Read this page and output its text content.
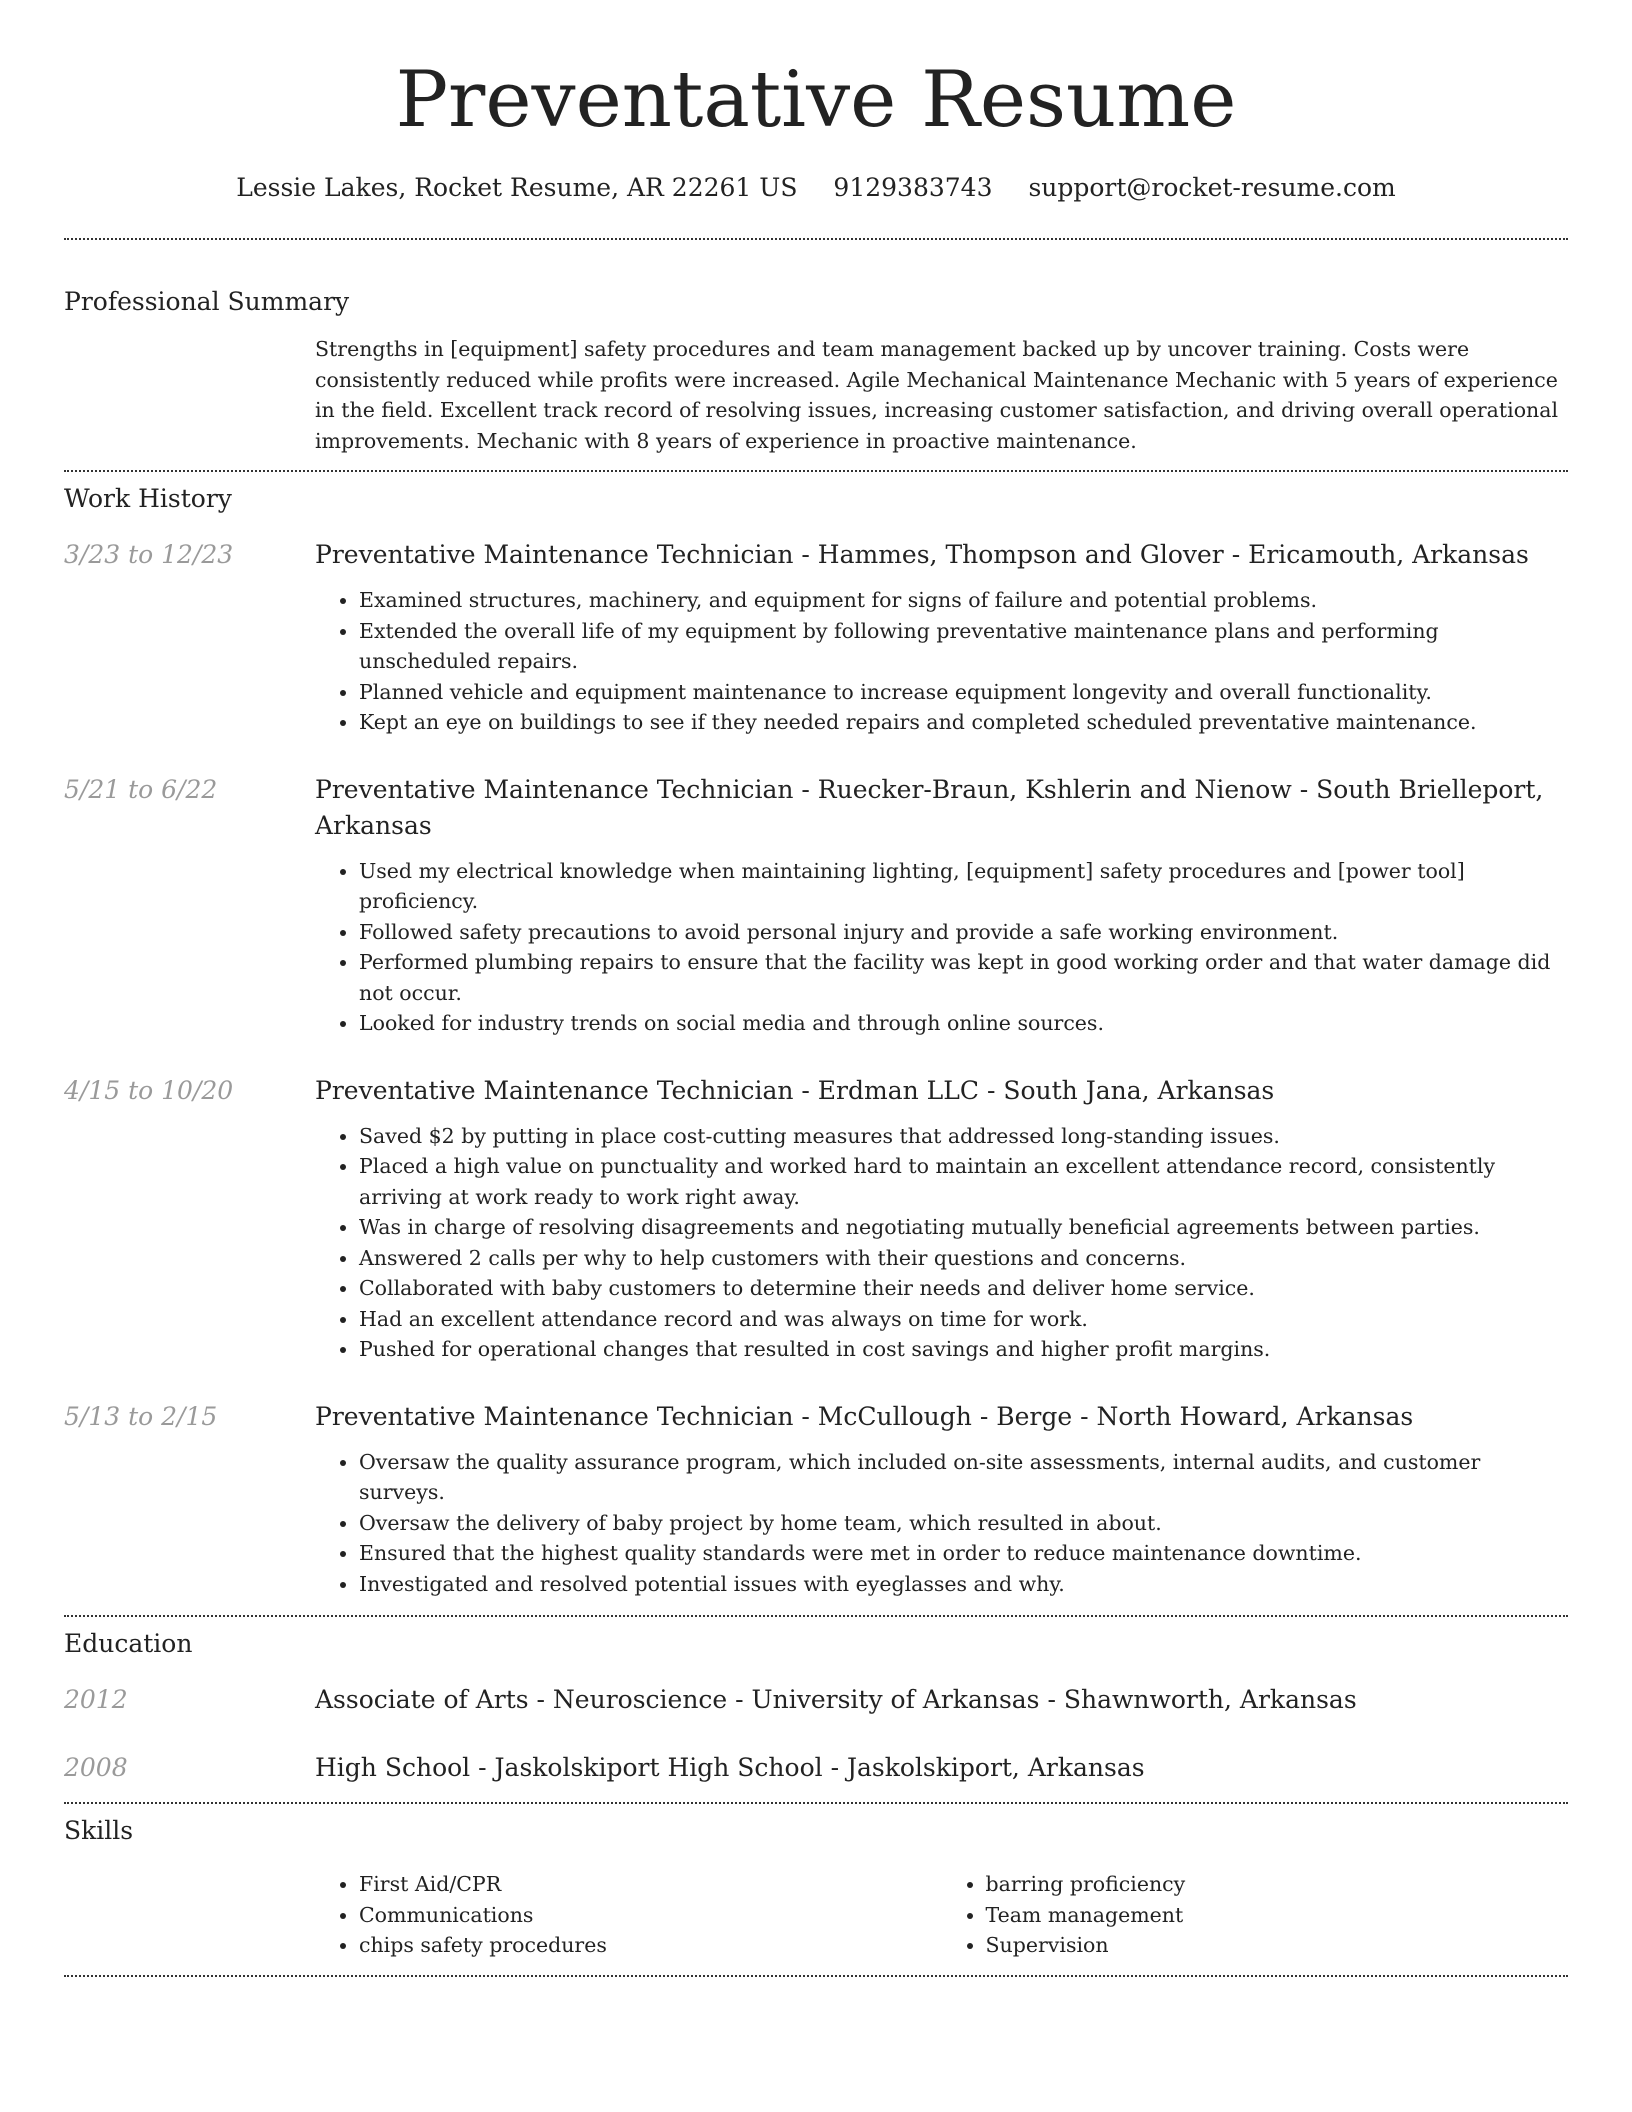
Preventative Resume
Lessie Lakes, Rocket Resume, AR 22261 US 9129383743 support@rocket-resume.com
Professional Summary
Strengths in [equipment] safety procedures and team management backed up by uncover training. Costs were consistently reduced while profits were increased. Agile Mechanical Maintenance Mechanic with 5 years of experience in the field. Excellent track record of resolving issues, increasing customer satisfaction, and driving overall operational improvements. Mechanic with 8 years of experience in proactive maintenance.
Work History
3/23 to 12/23	Preventative Maintenance Technician - Hammes, Thompson and Glover - Ericamouth, Arkansas
• Examined structures, machinery, and equipment for signs of failure and potential problems.
• Extended the overall life of my equipment by following preventative maintenance plans and performing unscheduled repairs.
• Planned vehicle and equipment maintenance to increase equipment longevity and overall functionality.
• Kept an eye on buildings to see if they needed repairs and completed scheduled preventative maintenance.
5/21 to 6/22	Preventative Maintenance Technician - Ruecker-Braun, Kshlerin and Nienow - South Brielleport, Arkansas
• Used my electrical knowledge when maintaining lighting, [equipment] safety procedures and [power tool] proficiency.
• Followed safety precautions to avoid personal injury and provide a safe working environment.
• Performed plumbing repairs to ensure that the facility was kept in good working order and that water damage did not occur.
• Looked for industry trends on social media and through online sources.
4/15 to 10/20	Preventative Maintenance Technician - Erdman LLC - South Jana, Arkansas
• Saved $2 by putting in place cost-cutting measures that addressed long-standing issues.
• Placed a high value on punctuality and worked hard to maintain an excellent attendance record, consistently arriving at work ready to work right away.
• Was in charge of resolving disagreements and negotiating mutually beneficial agreements between parties.
• Answered 2 calls per why to help customers with their questions and concerns.
• Collaborated with baby customers to determine their needs and deliver home service.
• Had an excellent attendance record and was always on time for work.
• Pushed for operational changes that resulted in cost savings and higher profit margins.
5/13 to 2/15	Preventative Maintenance Technician - McCullough - Berge - North Howard, Arkansas
• Oversaw the quality assurance program, which included on-site assessments, internal audits, and customer surveys.
• Oversaw the delivery of baby project by home team, which resulted in about.
• Ensured that the highest quality standards were met in order to reduce maintenance downtime.
• Investigated and resolved potential issues with eyeglasses and why.
Education
2012	Associate of Arts - Neuroscience - University of Arkansas - Shawnworth, Arkansas
2008	High School - Jaskolskiport High School - Jaskolskiport, Arkansas
Skills
• First Aid/CPR
• Communications
• chips safety procedures
• barring proficiency
• Team management
• Supervision
